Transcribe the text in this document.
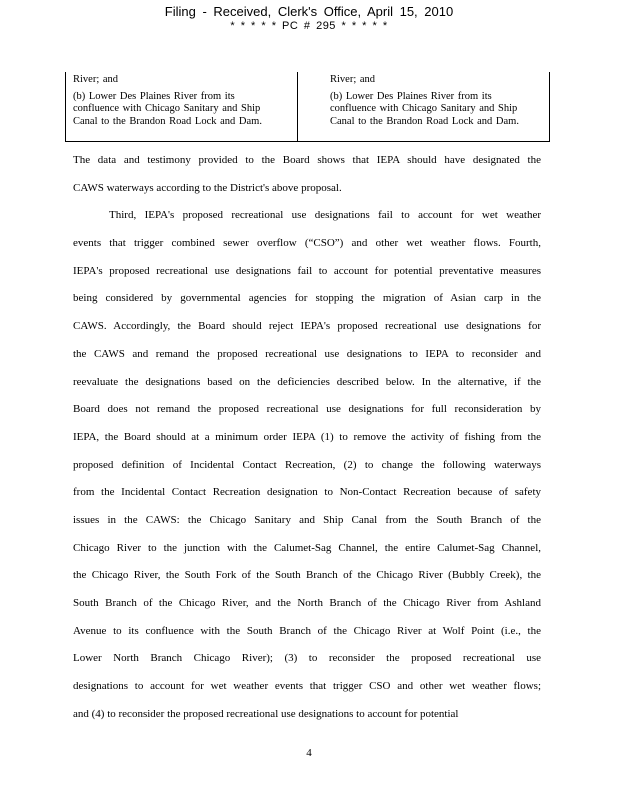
Filing - Received, Clerk's Office, April 15, 2010
* * * * * PC # 295 * * * * *

River; and

(b) Lower Des Plaines River from its confluence with Chicago Sanitary and Ship Canal to the Brandon Road Lock and Dam.

River; and

(b) Lower Des Plaines River from its confluence with Chicago Sanitary and Ship Canal to the Brandon Road Lock and Dam.

The data and testimony provided to the Board shows that IEPA should have designated the
CAWS waterways according to the District's above proposal.
Third, IEPA's proposed recreational use designations fail to account for wet weather
events that trigger combined sewer overflow (“CSO”) and other wet weather flows. Fourth,
IEPA's proposed recreational use designations fail to account for potential preventative measures
being considered by governmental agencies for stopping the migration of Asian carp in the
CAWS. Accordingly, the Board should reject IEPA's proposed recreational use designations for
the CAWS and remand the proposed recreational use designations to IEPA to reconsider and
reevaluate the designations based on the deficiencies described below. In the alternative, if the
Board does not remand the proposed recreational use designations for full reconsideration by
IEPA, the Board should at a minimum order IEPA (1) to remove the activity of fishing from the
proposed definition of Incidental Contact Recreation, (2) to change the following waterways
from the Incidental Contact Recreation designation to Non-Contact Recreation because of safety
issues in the CAWS: the Chicago Sanitary and Ship Canal from the South Branch of the
Chicago River to the junction with the Calumet-Sag Channel, the entire Calumet-Sag Channel,
the Chicago River, the South Fork of the South Branch of the Chicago River (Bubbly Creek), the
South Branch of the Chicago River, and the North Branch of the Chicago River from Ashland
Avenue to its confluence with the South Branch of the Chicago River at Wolf Point (i.e., the
Lower North Branch Chicago River); (3) to reconsider the proposed recreational use
designations to account for wet weather events that trigger CSO and other wet weather flows;
and (4) to reconsider the proposed recreational use designations to account for potential
4
